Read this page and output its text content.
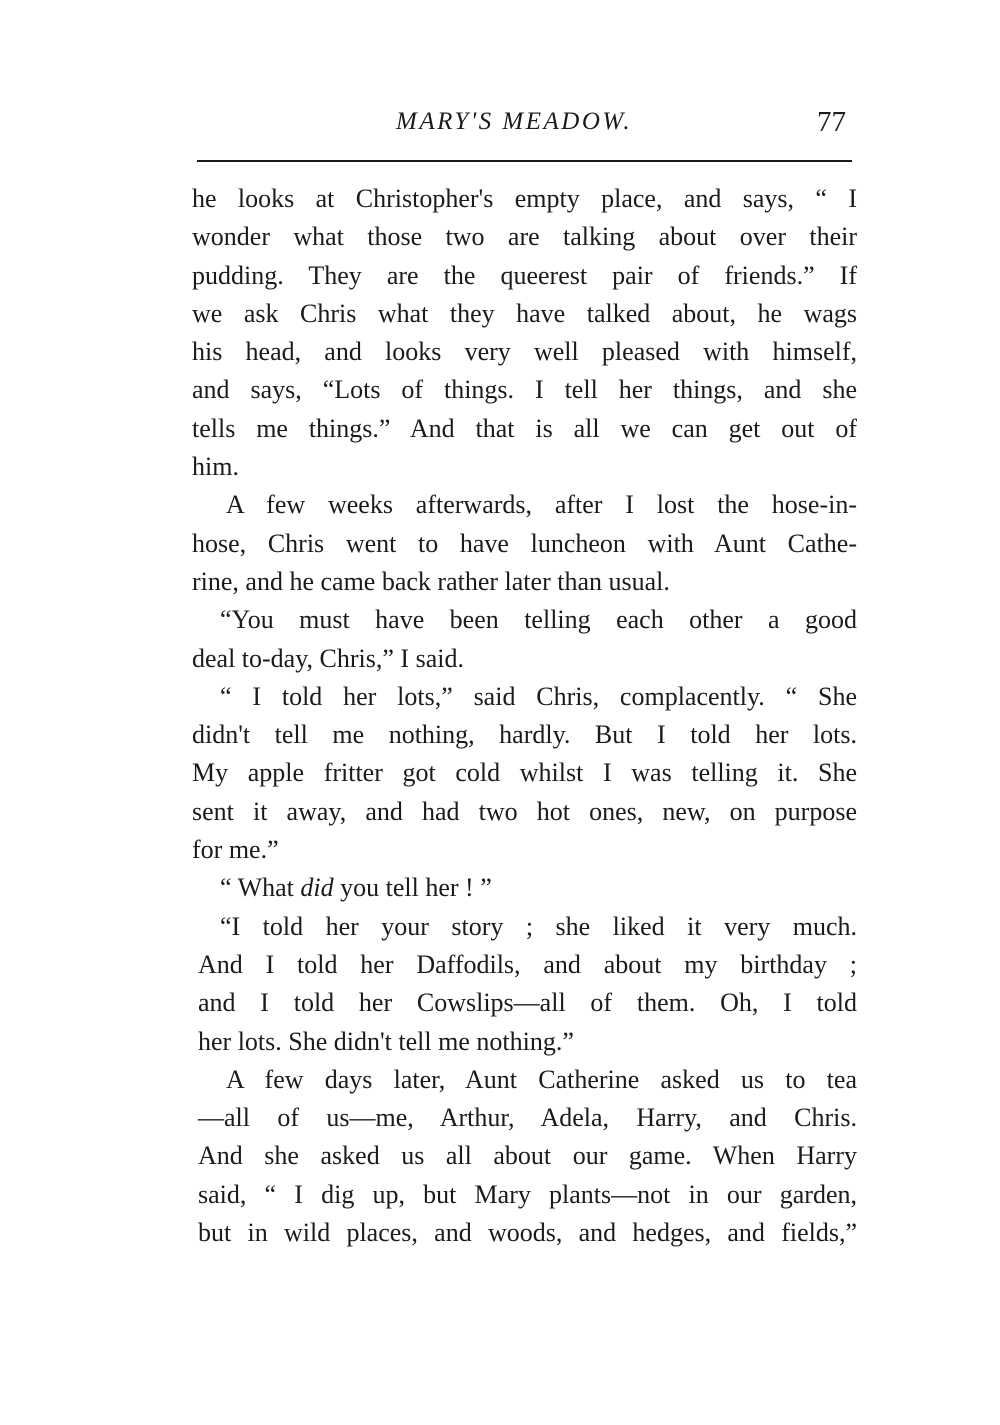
MARY'S MEADOW.	77
he looks at Christopher's empty place, and says, “ I
wonder what those two are talking about over their
pudding. They are the queerest pair of friends.” If
we ask Chris what they have talked about, he wags
his head, and looks very well pleased with himself,
and says, “Lots of things. I tell her things, and she
tells me things.” And that is all we can get out of
him.
A few weeks afterwards, after I lost the hose-in-
hose, Chris went to have luncheon with Aunt Cathe-
rine, and he came back rather later than usual.
“You must have been telling each other a good
deal to-day, Chris,” I said.
“ I told her lots,” said Chris, complacently. “ She
didn't tell me nothing, hardly. But I told her lots.
My apple fritter got cold whilst I was telling it. She
sent it away, and had two hot ones, new, on purpose
for me.”
“ What did you tell her ! ”
“I told her your story ; she liked it very much.
And I told her Daffodils, and about my birthday ;
and I told her Cowslips—all of them. Oh, I told
her lots. She didn't tell me nothing.”
A few days later, Aunt Catherine asked us to tea
—all of us—me, Arthur, Adela, Harry, and Chris.
And she asked us all about our game. When Harry
said, “ I dig up, but Mary plants—not in our garden,
but in wild places, and woods, and hedges, and fields,”
